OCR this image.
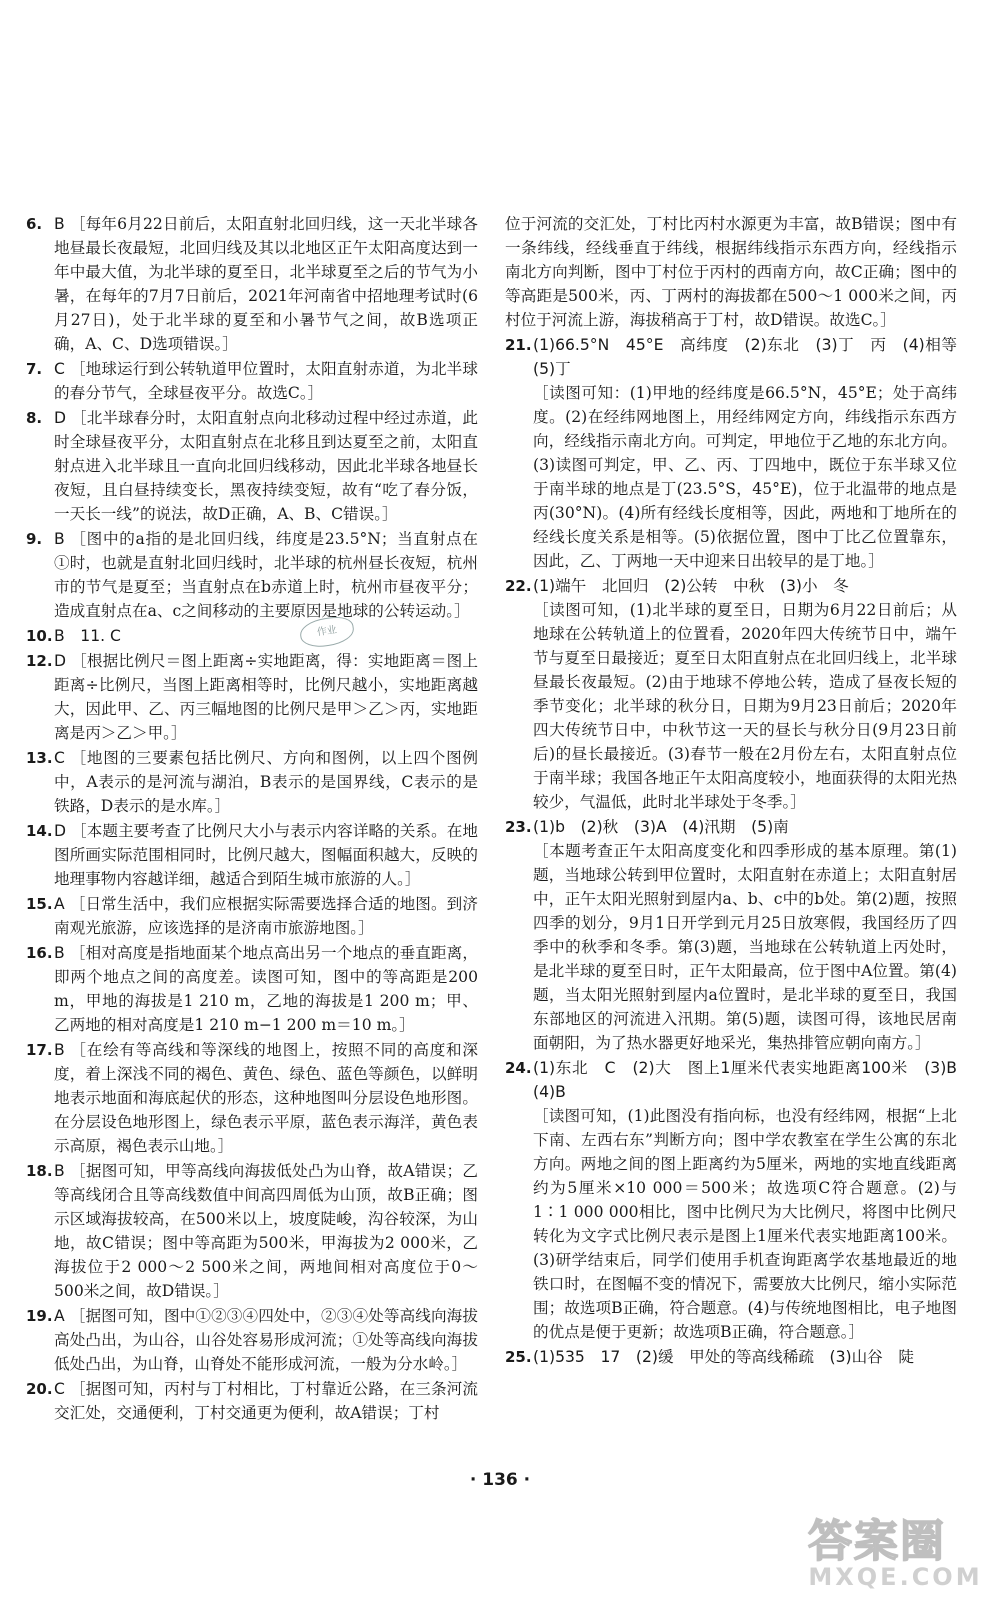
6. B ［每年6月22日前后，太阳直射北回归线，这一天北半球各地昼最长夜最短，北回归线及其以北地区正午太阳高度达到一年中最大值，为北半球的夏至日，北半球夏至之后的节气为小暑，在每年的7月7日前后，2021年河南省中招地理考试时(6月27日)，处于北半球的夏至和小暑节气之间，故B选项正确，A、C、D选项错误。］
7. C ［地球运行到公转轨道甲位置时，太阳直射赤道，为北半球的春分节气，全球昼夜平分。故选C。］
8. D ［北半球春分时，太阳直射点向北移动过程中经过赤道，此时全球昼夜平分，太阳直射点在北移且到达夏至之前，太阳直射点进入北半球且一直向北回归线移动，因此北半球各地昼长夜短，且白昼持续变长，黑夜持续变短，故有“吃了春分饭，一天长一线”的说法，故D正确，A、B、C错误。］
9. B ［图中的a指的是北回归线，纬度是23.5°N；当直射点在①时，也就是直射北回归线时，北半球的杭州昼长夜短，杭州市的节气是夏至；当直射点在b赤道上时，杭州市昼夜平分；造成直射点在a、c之间移动的主要原因是地球的公转运动。］
10. B　11. C
12. D ［根据比例尺＝图上距离÷实地距离，得：实地距离＝图上距离÷比例尺，当图上距离相等时，比例尺越小，实地距离越大，因此甲、乙、丙三幅地图的比例尺是甲＞乙＞丙，实地距离是丙＞乙＞甲。］
13. C ［地图的三要素包括比例尺、方向和图例，以上四个图例中，A表示的是河流与湖泊，B表示的是国界线，C表示的是铁路，D表示的是水库。］
14. D ［本题主要考查了比例尺大小与表示内容详略的关系。在地图所画实际范围相同时，比例尺越大，图幅面积越大，反映的地理事物内容越详细，越适合到陌生城市旅游的人。］
15. A ［日常生活中，我们应根据实际需要选择合适的地图。到济南观光旅游，应该选择的是济南市旅游地图。］
16. B ［相对高度是指地面某个地点高出另一个地点的垂直距离，即两个地点之间的高度差。读图可知，图中的等高距是200 m，甲地的海拔是1 210 m，乙地的海拔是1 200 m；甲、乙两地的相对高度是1 210 m−1 200 m＝10 m。］
17. B ［在绘有等高线和等深线的地图上，按照不同的高度和深度，着上深浅不同的褐色、黄色、绿色、蓝色等颜色，以鲜明地表示地面和海底起伏的形态，这种地图叫分层设色地形图。在分层设色地形图上，绿色表示平原，蓝色表示海洋，黄色表示高原，褐色表示山地。］
18. B ［据图可知，甲等高线向海拔低处凸为山脊，故A错误；乙等高线闭合且等高线数值中间高四周低为山顶，故B正确；图示区域海拔较高，在500米以上，坡度陡峻，沟谷较深，为山地，故C错误；图中等高距为500米，甲海拔为2 000米，乙海拔位于2 000～2 500米之间，两地间相对高度位于0～500米之间，故D错误。］
19. A ［据图可知，图中①②③④四处中，②③④处等高线向海拔高处凸出，为山谷，山谷处容易形成河流；①处等高线向海拔低处凸出，为山脊，山脊处不能形成河流，一般为分水岭。］
20. C ［据图可知，丙村与丁村相比，丁村靠近公路，在三条河流交汇处，交通便利，丁村交通更为便利，故A错误；丁村
位于河流的交汇处，丁村比丙村水源更为丰富，故B错误；图中有一条纬线，经线垂直于纬线，根据纬线指示东西方向，经线指示南北方向判断，图中丁村位于丙村的西南方向，故C正确；图中的等高距是500米，丙、丁两村的海拔都在500～1 000米之间，丙村位于河流上游，海拔稍高于丁村，故D错误。故选C。］
21. (1)66.5°N　45°E　高纬度　(2)东北　(3)丁　丙　(4)相等　(5)丁
［读图可知：(1)甲地的经纬度是66.5°N，45°E；处于高纬度。(2)在经纬网地图上，用经纬网定方向，纬线指示东西方向，经线指示南北方向。可判定，甲地位于乙地的东北方向。(3)读图可判定，甲、乙、丙、丁四地中，既位于东半球又位于南半球的地点是丁(23.5°S，45°E)，位于北温带的地点是丙(30°N)。(4)所有经线长度相等，因此，两地和丁地所在的经线长度关系是相等。(5)依据位置，图中丁比乙位置靠东，因此，乙、丁两地一天中迎来日出较早的是丁地。］
22. (1)端午　北回归　(2)公转　中秋　(3)小　冬
［读图可知，(1)北半球的夏至日，日期为6月22日前后；从地球在公转轨道上的位置看，2020年四大传统节日中，端午节与夏至日最接近；夏至日太阳直射点在北回归线上，北半球昼最长夜最短。(2)由于地球不停地公转，造成了昼夜长短的季节变化；北半球的秋分日，日期为9月23日前后；2020年四大传统节日中，中秋节这一天的昼长与秋分日(9月23日前后)的昼长最接近。(3)春节一般在2月份左右，太阳直射点位于南半球；我国各地正午太阳高度较小，地面获得的太阳光热较少，气温低，此时北半球处于冬季。］
23. (1)b　(2)秋　(3)A　(4)汛期　(5)南
［本题考查正午太阳高度变化和四季形成的基本原理。第(1)题，当地球公转到甲位置时，太阳直射在赤道上；太阳直射居中，正午太阳光照射到屋内a、b、c中的b处。第(2)题，按照四季的划分，9月1日开学到元月25日放寒假，我国经历了四季中的秋季和冬季。第(3)题，当地球在公转轨道上丙处时，是北半球的夏至日时，正午太阳最高，位于图中A位置。第(4)题，当太阳光照射到屋内a位置时，是北半球的夏至日，我国东部地区的河流进入汛期。第(5)题，读图可得，该地民居南面朝阳，为了热水器更好地采光，集热排管应朝向南方。］
24. (1)东北　C　(2)大　图上1厘米代表实地距离100米　(3)B　(4)B
［读图可知，(1)此图没有指向标，也没有经纬网，根据“上北下南、左西右东”判断方向；图中学农教室在学生公寓的东北方向。两地之间的图上距离约为5厘米，两地的实地直线距离约为5厘米×10 000＝500米；故选项C符合题意。(2)与1∶1 000 000相比，图中比例尺为大比例尺，将图中比例尺转化为文字式比例尺表示是图上1厘米代表实地距离100米。(3)研学结束后，同学们使用手机查询距离学农基地最近的地铁口时，在图幅不变的情况下，需要放大比例尺，缩小实际范围；故选项B正确，符合题意。(4)与传统地图相比，电子地图的优点是便于更新；故选项B正确，符合题意。］
25. (1)535　17　(2)缓　甲处的等高线稀疏　(3)山谷　陡
作业
· 136 ·
答案圈
MXQE.COM
